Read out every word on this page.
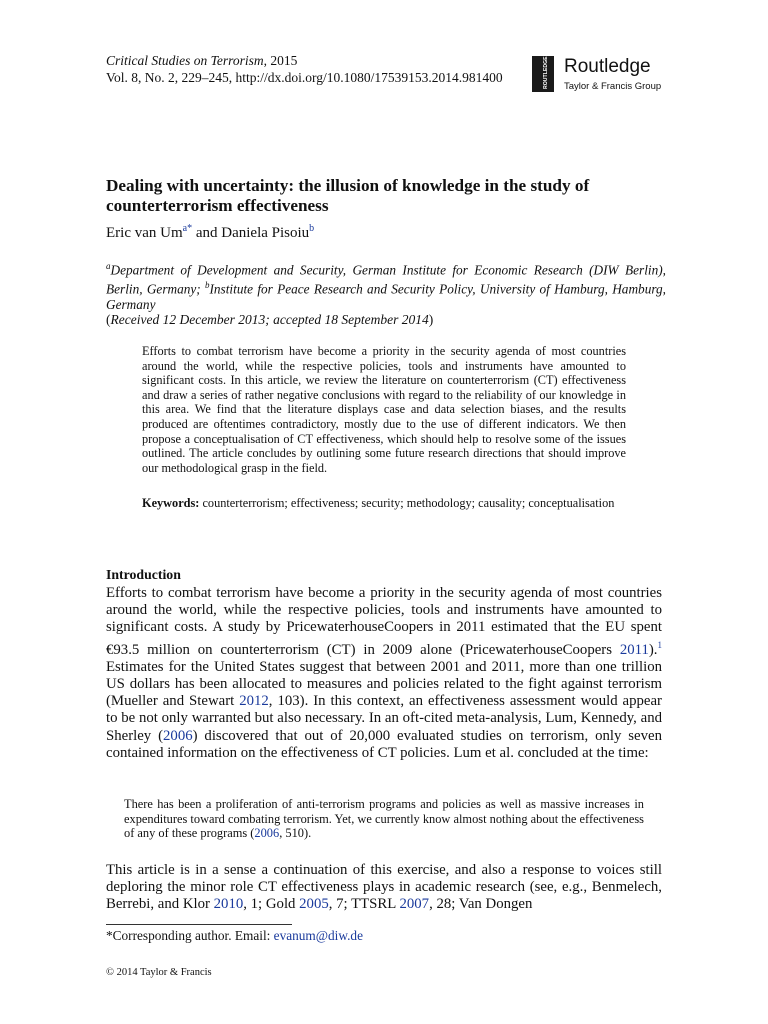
Critical Studies on Terrorism, 2015
Vol. 8, No. 2, 229–245, http://dx.doi.org/10.1080/17539153.2014.981400	ROUTLEDGE Routledge
Taylor & Francis Group
Dealing with uncertainty: the illusion of knowledge in the study of counterterrorism effectiveness
Eric van $Um^{a*}$ and Daniela Pisoiu$^b$
$^a$Department of Development and Security, German Institute for Economic Research (DIW Berlin), Berlin, Germany; $^b$Institute for Peace Research and Security Policy, University of Hamburg, Hamburg, Germany
(Received 12 December 2013; accepted 18 September 2014)
Efforts to combat terrorism have become a priority in the security agenda of most countries around the world, while the respective policies, tools and instruments have amounted to significant costs. In this article, we review the literature on counterterrorism (CT) effectiveness and draw a series of rather negative conclusions with regard to the reliability of our knowledge in this area. We find that the literature displays case and data selection biases, and the results produced are oftentimes contradictory, mostly due to the use of different indicators. We then propose a conceptualisation of CT effectiveness, which should help to resolve some of the issues outlined. The article concludes by outlining some future research directions that should improve our methodological grasp in the field.
Keywords: counterterrorism; effectiveness; security; methodology; causality; conceptualisation
Introduction
Efforts to combat terrorism have become a priority in the security agenda of most countries around the world, while the respective policies, tools and instruments have amounted to significant costs. A study by PricewaterhouseCoopers in 2011 estimated that the EU spent €93.5 million on counterterrorism (CT) in 2009 alone (PricewaterhouseCoopers 2011).$^1$ Estimates for the United States suggest that between 2001 and 2011, more than one trillion US dollars has been allocated to measures and policies related to the fight against terrorism (Mueller and Stewart 2012, 103). In this context, an effectiveness assessment would appear to be not only warranted but also necessary. In an oft-cited meta-analysis, Lum, Kennedy, and Sherley (2006) discovered that out of 20,000 evaluated studies on terrorism, only seven contained information on the effectiveness of CT policies. Lum et al. concluded at the time:
There has been a proliferation of anti-terrorism programs and policies as well as massive increases in expenditures toward combating terrorism. Yet, we currently know almost nothing about the effectiveness of any of these programs (2006, 510).
This article is in a sense a continuation of this exercise, and also a response to voices still deploring the minor role CT effectiveness plays in academic research (see, e.g., Benmelech, Berrebi, and Klor 2010, 1; Gold 2005, 7; TTSRL 2007, 28; Van Dongen
*Corresponding author. Email: evanum@diw.de
© 2014 Taylor & Francis
